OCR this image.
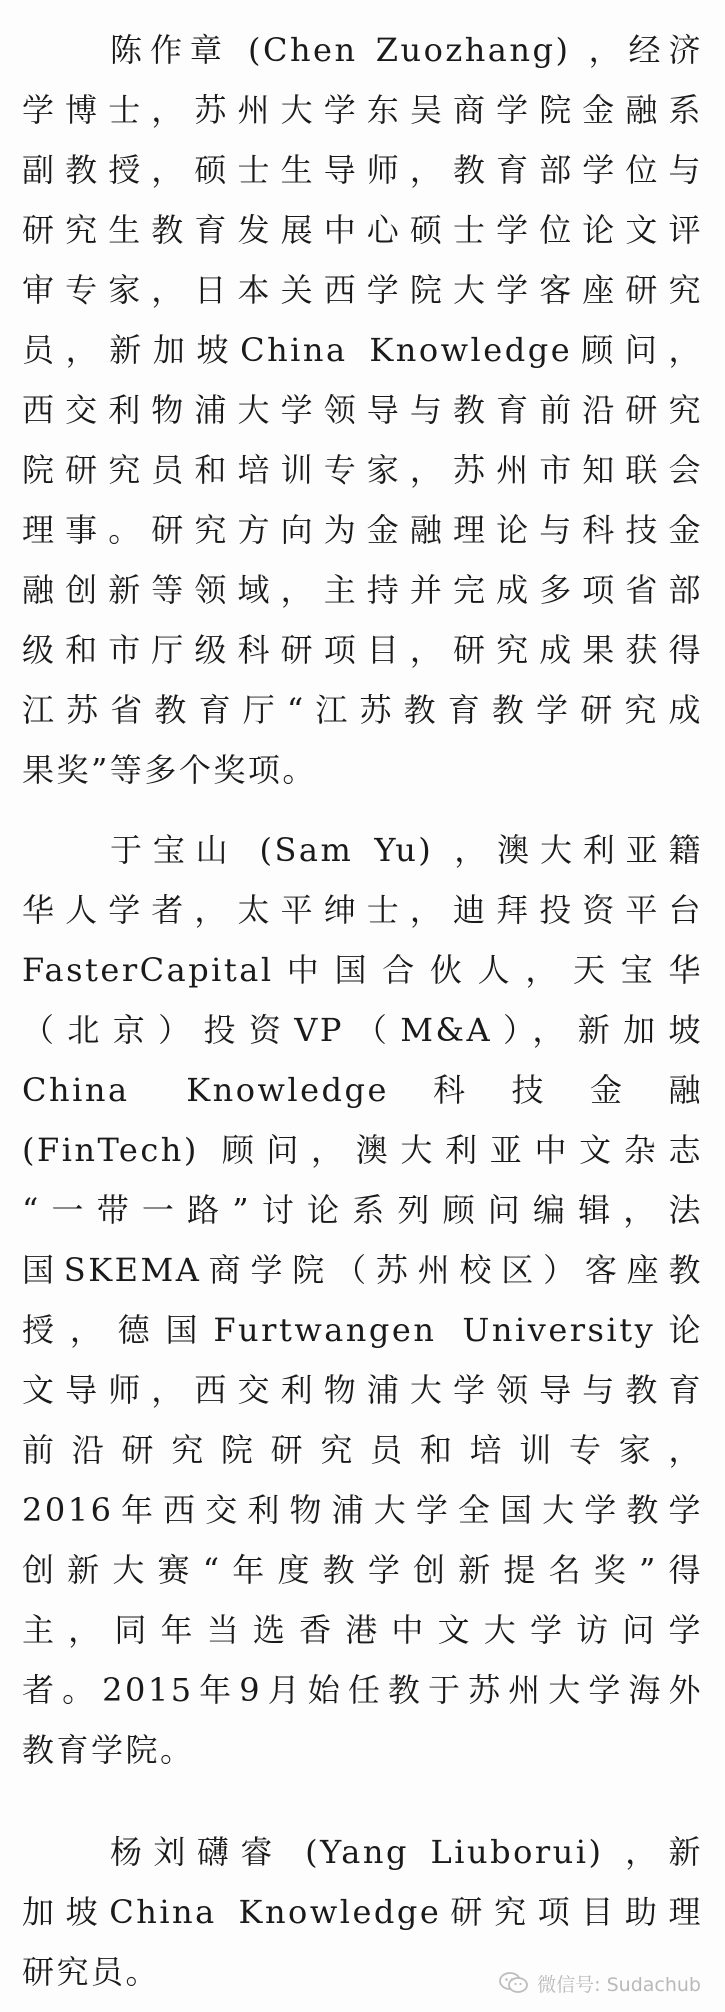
陈作章 (Chen Zuozhang) ，经济
学博士，苏州大学东吴商学院金融系
副教授，硕士生导师，教育部学位与
研究生教育发展中心硕士学位论文评
审专家，日本关西学院大学客座研究
员，新加坡China Knowledge顾问，
西交利物浦大学领导与教育前沿研究
院研究员和培训专家，苏州市知联会
理事。研究方向为金融理论与科技金
融创新等领域，主持并完成多项省部
级和市厅级科研项目，研究成果获得
江苏省教育厅“江苏教育教学研究成
果奖”等多个奖项。
于宝山 (Sam Yu) ，澳大利亚籍
华人学者，太平绅士，迪拜投资平台
FasterCapital中国合伙人，天宝华
（北京）投资VP（M&A），新加坡
China Knowledge科技金融
(FinTech) 顾问，澳大利亚中文杂志
“一带一路”讨论系列顾问编辑，法
国SKEMA商学院（苏州校区）客座教
授，德国Furtwangen University论
文导师，西交利物浦大学领导与教育
前沿研究院研究员和培训专家，
2016年西交利物浦大学全国大学教学
创新大赛“年度教学创新提名奖”得
主，同年当选香港中文大学访问学
者。2015年9月始任教于苏州大学海外
教育学院。
杨刘礴睿 (Yang Liuborui) ，新
加坡China Knowledge研究项目助理
研究员。	微信号: Sudachub
